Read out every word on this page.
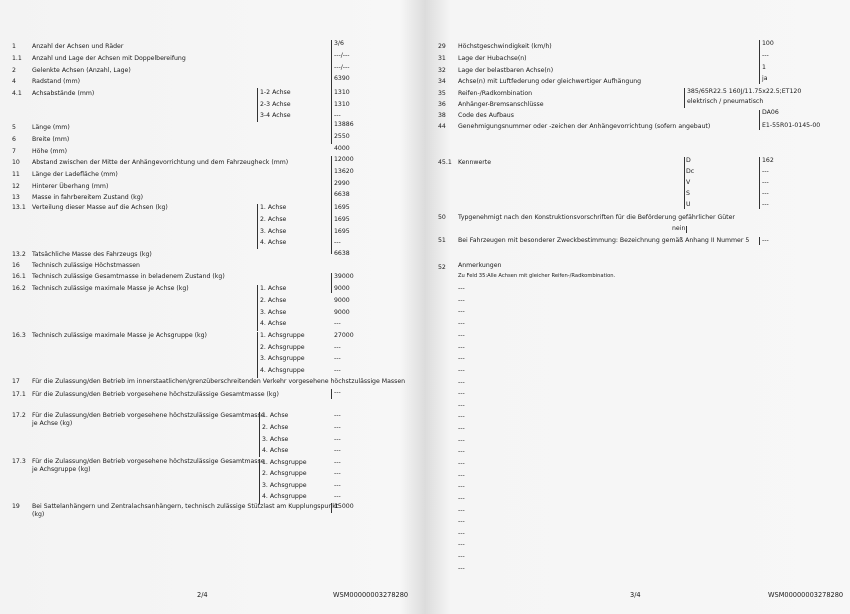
1	Anzahl der Achsen und Räder	3/6
1.1 Anzahl und Lage der Achsen mit Doppelbereifung	---/---
2	Gelenkte Achsen (Anzahl, Lage)	---/---
4	Radstand (mm)	6390
4.1 Achsabstände (mm)	1-2 Achse	1310
2-3 Achse	1310
3-4 Achse	---
5	Länge (mm)	13886
6	Breite (mm)	2550
7	Höhe (mm)	4000
10 Abstand zwischen der Mitte der Anhängevorrichtung und dem Fahrzeugheck (mm)	12000
11 Länge der Ladefläche (mm)	13620
12 Hinterer Überhang (mm)	2990
13 Masse in fahrbereitem Zustand (kg)	6638
13.1 Verteilung dieser Masse auf die Achsen (kg)	1. Achse	1695
2. Achse	1695
3. Achse	1695
4. Achse	---
13.2 Tatsächliche Masse des Fahrzeugs (kg)	6638
16 Technisch zulässige Höchstmassen
16.1 Technisch zulässige Gesamtmasse in beladenem Zustand (kg)	39000
16.2 Technisch zulässige maximale Masse je Achse (kg)	1. Achse	9000
2. Achse	9000
3. Achse	9000
4. Achse	---
16.3 Technisch zulässige maximale Masse je Achsgruppe (kg)	1. Achsgruppe	27000
2. Achsgruppe	---
3. Achsgruppe	---
4. Achsgruppe	---
17 Für die Zulassung/den Betrieb im innerstaatlichen/grenzüberschreitenden Verkehr vorgesehene höchstzulässige Massen
17.1 Für die Zulassung/den Betrieb vorgesehene höchstzulässige Gesamtmasse (kg)	---
17.2 Für die Zulassung/den Betrieb vorgesehene höchstzulässige Gesamtmasse
je Achse (kg)
1. Achse	---
2. Achse	---
3. Achse	---
4. Achse	---
17.3 Für die Zulassung/den Betrieb vorgesehene höchstzulässige Gesamtmasse
je Achsgruppe (kg)
1. Achsgruppe	---
2. Achsgruppe	---
3. Achsgruppe	---
4. Achsgruppe	---
19 Bei Sattelanhängern und Zentralachsanhängern, technisch zulässige Stützlast am Kupplungspunkt
(kg)
15000
29 Höchstgeschwindigkeit (km/h)	100
31 Lage der Hubachse(n)	---
32 Lage der belastbaren Achse(n)	1
34 Achse(n) mit Luftfederung oder gleichwertiger Aufhängung	ja
35 Reifen-/Radkombination	385/65R22.5 160J/11.75x22.5;ET120
36 Anhänger-Bremsanschlüsse	elektrisch / pneumatisch
38 Code des Aufbaus	DA06
44 Genehmigungsnummer oder -zeichen der Anhängevorrichtung (sofern angebaut)	E1-55R01-0145-00
45.1 Kennwerte	D	162
Dc	---
V	---
S	---
U	---
50 Typgenehmigt nach den Konstruktionsvorschriften für die Beförderung gefährlicher Güter
nein
51 Bei Fahrzeugen mit besonderer Zweckbestimmung: Bezeichnung gemäß Anhang II Nummer 5 ---
52 Anmerkungen
Zu Feld 35:Alle Achsen mit gleicher Reifen-/Radkombination.
2/4	WSM00000003278280	3/4	WSM00000003278280
---
---
---
---
---
---
---
---
---
---
---
---
---
---
---
---
---
---
---
---
---
---
---
---
---
